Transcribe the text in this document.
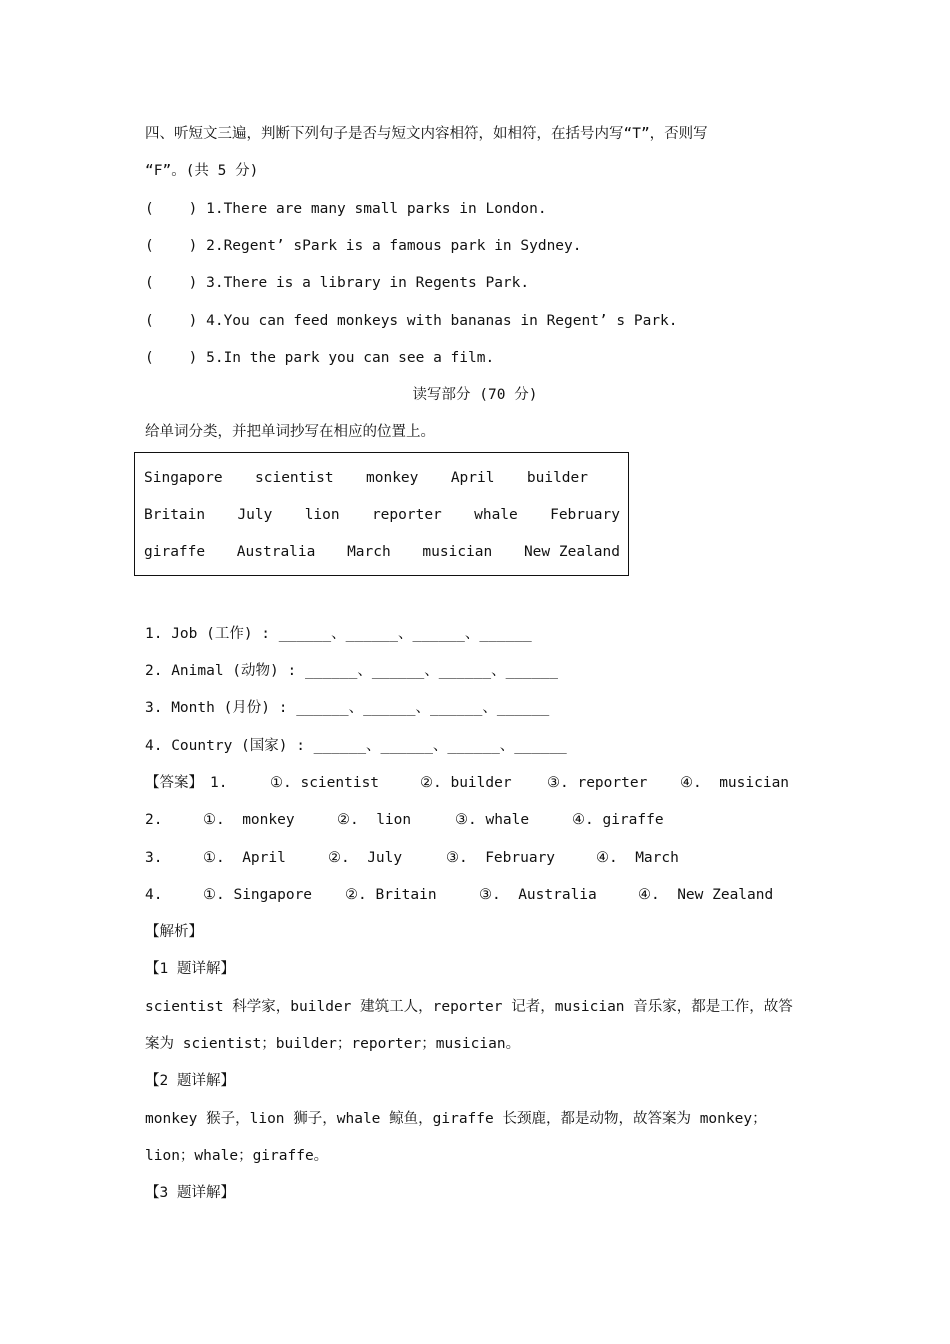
四、听短文三遍，判断下列句子是否与短文内容相符，如相符，在括号内写“T”，否则写
“F”。(共 5 分)
(    ) 1.There are many small parks in London.
(    ) 2.Regent’ sPark is a famous park in Sydney.
(    ) 3.There is a library in Regents Park.
(    ) 4.You can feed monkeys with bananas in Regent’ s Park.
(    ) 5.In the park you can see a film.
读写部分 (70 分)
给单词分类，并把单词抄写在相应的位置上。
Singapore scientist monkey April builder
Britain July lion reporter whale February
giraffe Australia March musician New Zealand
1. Job (工作) : ______、______、______、______
2. Animal (动物) : ______、______、______、______
3. Month (月份) : ______、______、______、______
4. Country (国家) : ______、______、______、______
【答案】 1.	①. scientist	②. builder ③. reporter ④.  musician
2.	①.  monkey	②.  lion	③. whale	④. giraffe
3.	①.  April	②.  July	③.  February	④.  March
4.	①. Singapore ②. Britain	③.  Australia	④.  New Zealand
【解析】
【1 题详解】
scientist 科学家，builder 建筑工人，reporter 记者，musician 音乐家，都是工作，故答
案为 scientist；builder；reporter；musician。
【2 题详解】
monkey 猴子，lion 狮子，whale 鲸鱼，giraffe 长颈鹿，都是动物，故答案为 monkey；
lion；whale；giraffe。
【3 题详解】
